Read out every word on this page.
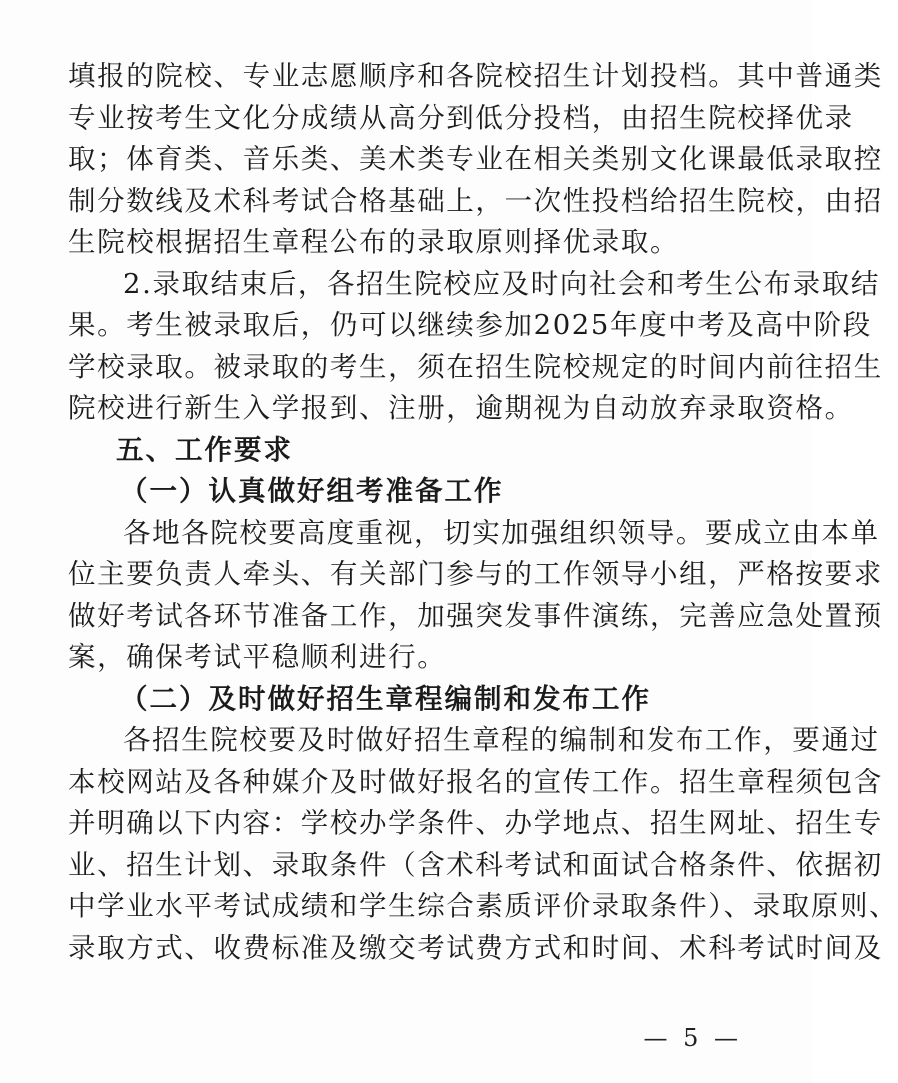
填报的院校、专业志愿顺序和各院校招生计划投档。其中普通类
专业按考生文化分成绩从高分到低分投档，由招生院校择优录
取；体育类、音乐类、美术类专业在相关类别文化课最低录取控
制分数线及术科考试合格基础上，一次性投档给招生院校，由招
生院校根据招生章程公布的录取原则择优录取。
2.录取结束后，各招生院校应及时向社会和考生公布录取结
果。考生被录取后，仍可以继续参加2025年度中考及高中阶段
学校录取。被录取的考生，须在招生院校规定的时间内前往招生
院校进行新生入学报到、注册，逾期视为自动放弃录取资格。
五、工作要求
（一）认真做好组考准备工作
各地各院校要高度重视，切实加强组织领导。要成立由本单
位主要负责人牵头、有关部门参与的工作领导小组，严格按要求
做好考试各环节准备工作，加强突发事件演练，完善应急处置预
案，确保考试平稳顺利进行。
（二）及时做好招生章程编制和发布工作
各招生院校要及时做好招生章程的编制和发布工作，要通过
本校网站及各种媒介及时做好报名的宣传工作。招生章程须包含
并明确以下内容：学校办学条件、办学地点、招生网址、招生专
业、招生计划、录取条件（含术科考试和面试合格条件、依据初
中学业水平考试成绩和学生综合素质评价录取条件）、录取原则、
录取方式、收费标准及缴交考试费方式和时间、术科考试时间及
— 5 —
